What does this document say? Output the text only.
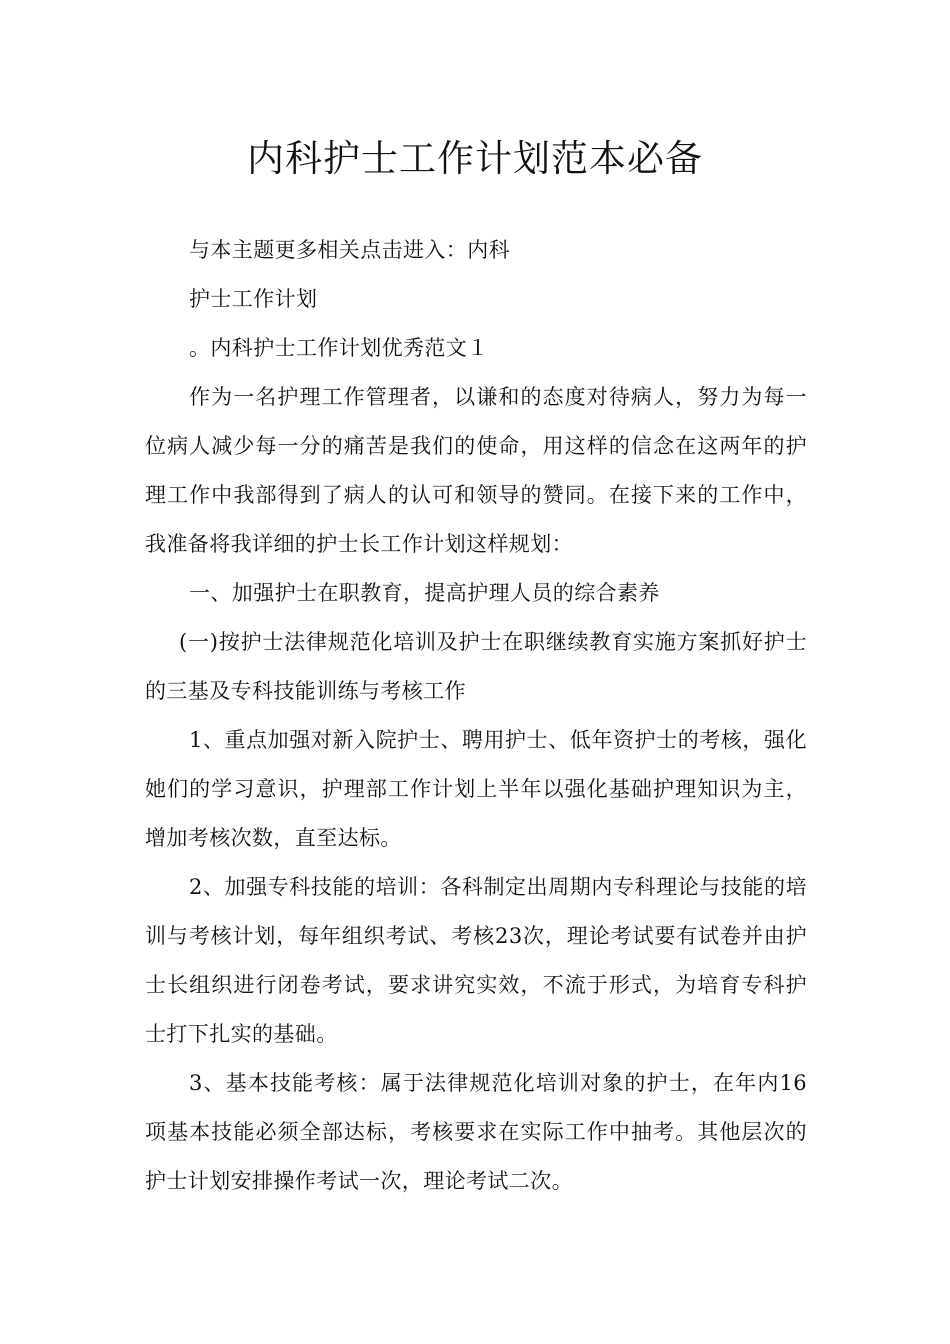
内科护士工作计划范本必备

与本主题更多相关点击进入：内科

护士工作计划

。内科护士工作计划优秀范文１

作为一名护理工作管理者，以谦和的态度对待病人，努力为每一位病人减少每一分的痛苦是我们的使命，用这样的信念在这两年的护理工作中我部得到了病人的认可和领导的赞同。在接下来的工作中，我准备将我详细的护士长工作计划这样规划：

一、加强护士在职教育，提高护理人员的综合素养

(一)按护士法律规范化培训及护士在职继续教育实施方案抓好护士的三基及专科技能训练与考核工作

1、重点加强对新入院护士、聘用护士、低年资护士的考核，强化她们的学习意识，护理部工作计划上半年以强化基础护理知识为主，增加考核次数，直至达标。

2、加强专科技能的培训：各科制定出周期内专科理论与技能的培训与考核计划，每年组织考试、考核23次，理论考试要有试卷并由护士长组织进行闭卷考试，要求讲究实效，不流于形式，为培育专科护士打下扎实的基础。

3、基本技能考核：属于法律规范化培训对象的护士，在年内16项基本技能必须全部达标，考核要求在实际工作中抽考。其他层次的护士计划安排操作考试一次，理论考试二次。
